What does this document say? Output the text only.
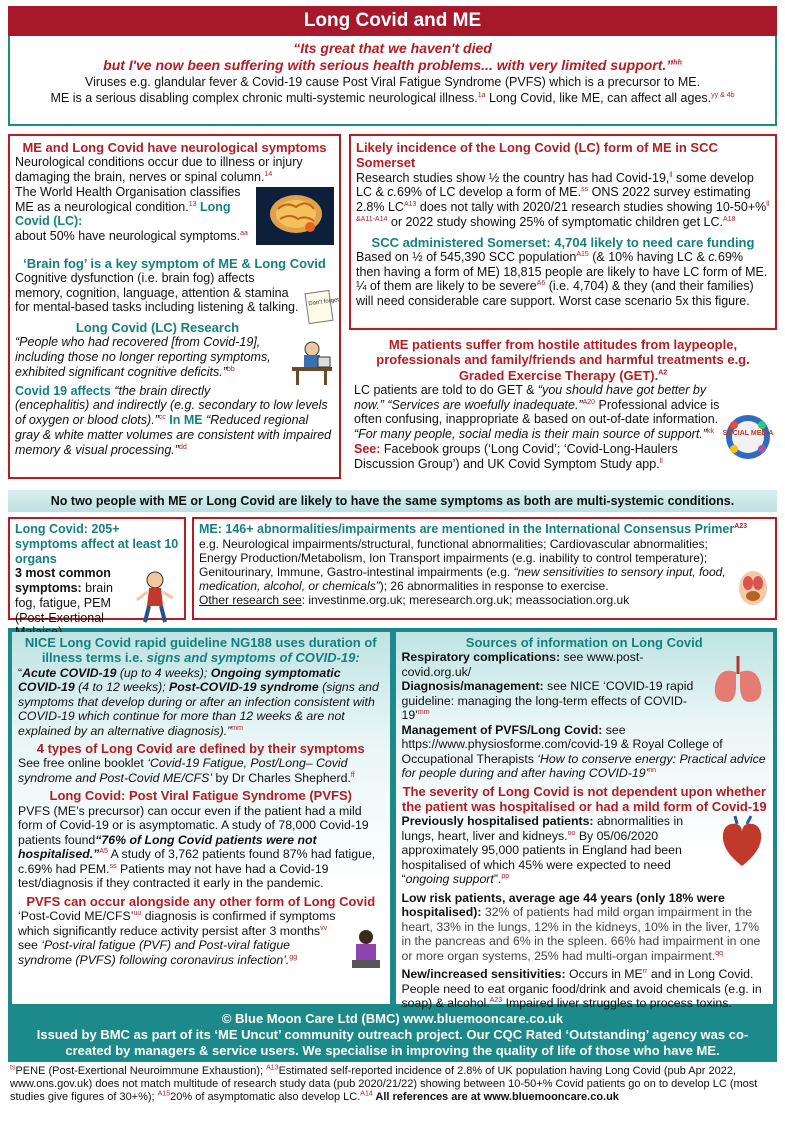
Long Covid and ME
“Its great that we haven't died
but I've now been suffering with serious health problems... with very limited support.”$^{hh}$
Viruses e.g. glandular fever & Covid-19 cause Post Viral Fatigue Syndrome (PVFS) which is a precursor to ME.
ME is a serious disabling complex chronic multi-systemic neurological illness.$^{1a}$ Long Covid, like ME, can affect all ages.$^{yy \& 4b}$
ME and Long Covid have neurological symptoms
Neurological conditions occur due to illness or injury damaging the brain, nerves or spinal column.$^{14}$
The World Health Organisation classifies ME as a neurological condition.$^{13}$ Long Covid (LC):
about 50% have neurological symptoms.$^{aa}$
‘Brain fog’ is a key symptom of ME & Long Covid
Don't forget
Cognitive dysfunction (i.e. brain fog) affects memory, cognition, language, attention & stamina for mental-based tasks including listening & talking.
Long Covid (LC) Research
“People who had recovered [from Covid-19], including those no longer reporting symptoms, exhibited significant cognitive deficits.”$^{bb}$
Covid 19 affects “the brain directly (encephalitis) and indirectly (e.g. secondary to low levels of oxygen or blood clots).”$^{cc}$ In ME “Reduced regional gray & white matter volumes are consistent with impaired memory & visual processing.”$^{dd}$
Likely incidence of the Long Covid (LC) form of ME in SCC Somerset
Research studies show ½ the country has had Covid-19,$^{ll}$ some develop LC & c.69% of LC develop a form of ME.$^{ss}$ ONS 2022 survey estimating 2.8% $LC^{A13}$ does not tally with 2020/21 research studies showing 10-50+%$^{ll \&A11-A14}$ or 2022 study showing 25% of symptomatic children get LC.$^{A18}$
SCC administered Somerset: 4,704 likely to need care funding
Based on ½ of 545,390 SCC population$^{A15}$ (& 10% having LC & c.69% then having a form of ME) 18,815 people are likely to have LC form of ME. ¼ of them are likely to be severe$^{A6}$ (i.e. 4,704) & they (and their families) will need considerable care support. Worst case scenario 5x this figure.
ME patients suffer from hostile attitudes from laypeople, professionals and family/friends and harmful treatments e.g. Graded Exercise Therapy (GET).$^{A2}$
SOCIAL MEDIA
LC patients are told to do GET & “you should have got better by now.” “Services are woefully inadequate.”$^{A20}$ Professional advice is often confusing, inappropriate & based on out-of-date information. “For many people, social media is their main source of support.”$^{kk}$
See: Facebook groups (‘Long Covid’; ‘Covid-Long-Haulers Discussion Group’) and UK Covid Symptom Study app.$^{ll}$
No two people with ME or Long Covid are likely to have the same symptoms as both are multi-systemic conditions.
Long Covid: 205+ symptoms affect at least 10 organs
3 most common symptoms: brain fog, fatigue, PEM (Post-Exertional
ME: 146+ abnormalities/impairments are mentioned in the International Consensus Primer$^{A23}$
e.g. Neurological impairments/structural, functional abnormalities; Cardiovascular abnormalities; Energy Production/Metabolism, Ion Transport impairments (e.g. inability to control temperature); Genitourinary, Immune, Gastro-intestinal impairments (e.g. “new sensitivities to sensory input, food, medication, alcohol, or chemicals”); 26 abnormalities in response to exercise.
Other research see: investinme.org.uk; meresearch.org.uk; meassociation.org.uk
NICE Long Covid rapid guideline NG188 uses duration of illness terms i.e. signs and symptoms of COVID-19:
“Acute COVID-19 (up to 4 weeks); Ongoing symptomatic COVID-19 (4 to 12 weeks); Post-COVID-19 syndrome (signs and symptoms that develop during or after an infection consistent with COVID-19 which continue for more than 12 weeks & are not explained by an alternative diagnosis).”$^{mm}$
4 types of Long Covid are defined by their symptoms
See free online booklet ‘Covid-19 Fatigue, Post/Long– Covid syndrome and Post-Covid ME/CFS’ by Dr Charles Shepherd.$^{ff}$
Long Covid: Post Viral Fatigue Syndrome (PVFS)
PVFS (ME’s precursor) can occur even if the patient had a mild form of Covid-19 or is asymptomatic. A study of 78,000 Covid-19 patients found“76% of Long Covid patients were not hospitalised.”$^{A5}$ A study of 3,762 patients found 87% had fatigue, c.69% had PEM.$^{ss}$ Patients may not have had a Covid-19 test/diagnosis if they contracted it early in the pandemic.
PVFS can occur alongside any other form of Long Covid
‘Post-Covid ME/CFS’$^{uu}$ diagnosis is confirmed if symptoms which significantly reduce activity persist after 3 months$^{vv}$ see ‘Post-viral fatigue (PVF) and Post-viral fatigue syndrome (PVFS) following coronavirus infection’.$^{gg}$
Sources of information on Long Covid
Respiratory complications: see www.post-covid.org.uk/
Diagnosis/management: see NICE ‘COVID-19 rapid guideline: managing the long-term effects of COVID-19’$^{mm}$
Management of PVFS/Long Covid: see https://www.physiosforme.com/covid-19 & Royal College of Occupational Therapists ‘How to conserve energy: Practical advice for people during and after having COVID-19’$^{nn}$
The severity of Long Covid is not dependent upon whether the patient was hospitalised or had a mild form of Covid-19
Previously hospitalised patients: abnormalities in lungs, heart, liver and kidneys.$^{oo}$ By 05/06/2020 approximately 95,000 patients in England had been hospitalised of which 45% were expected to need “ongoing support”.$^{pp}$
Low risk patients, average age 44 years (only 18% were hospitalised): 32% of patients had mild organ impairment in the heart, 33% in the lungs, 12% in the kidneys, 10% in the liver, 17% in the pancreas and 6% in the spleen. 66% had impairment in one or more organ systems, 25% had multi-organ impairment.$^{qq}$
New/increased sensitivities: Occurs in $ME^{rr}$ and in Long Covid. People need to eat organic food/drink and avoid chemicals (e.g. in soap) & alcohol.$^{A23}$ Impaired liver struggles to process toxins.
© Blue Moon Care Ltd (BMC) www.bluemooncare.co.uk
Issued by BMC as part of its ‘ME Uncut’ community outreach project. Our CQC Rated ‘Outstanding’ agency was co-created by managers & service users. We specialise in improving the quality of life of those who have ME.
$^{ts}$PENE (Post-Exertional Neuroimmune Exhaustion); $^{A13}$Estimated self-reported incidence of 2.8% of UK population having Long Covid (pub Apr 2022, www.ons.gov.uk) does not match multitude of research study data (pub 2020/21/22) showing between 10-50+% Covid patients go on to develop LC (most studies give figures of 30+%); $^{A15}$20% of asymptomatic also develop LC.$^{A14}$ All references are at www.bluemooncare.co.uk
